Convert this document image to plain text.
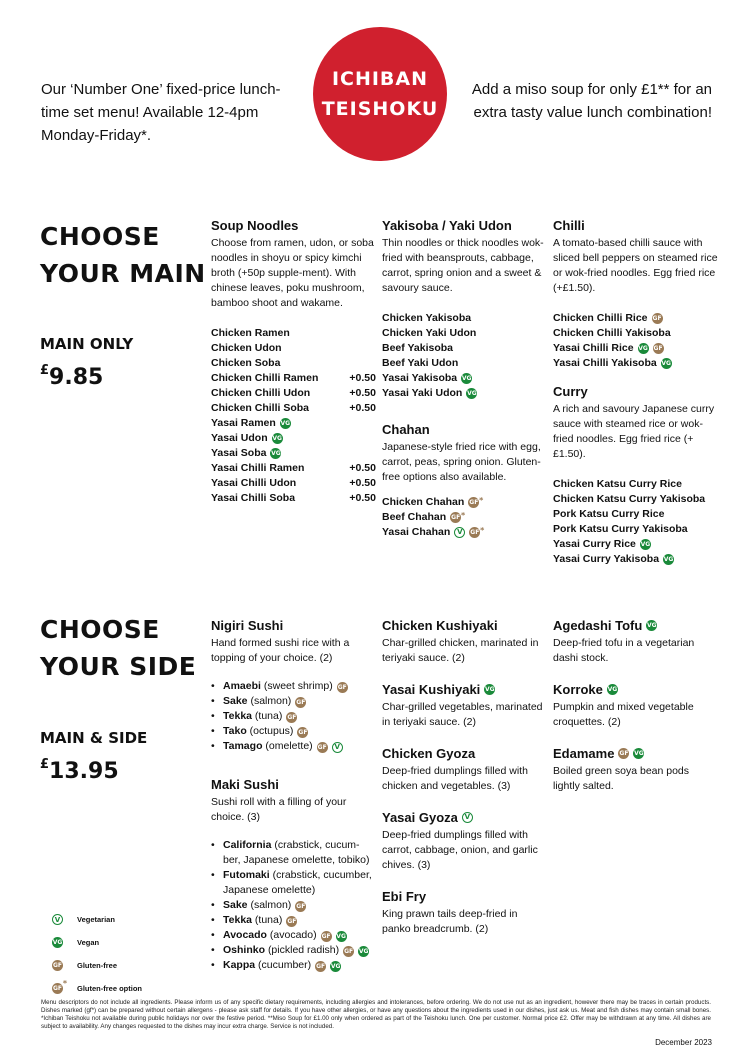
Our ‘Number One’ fixed-price lunch-time set menu! Available 12-4pm Monday-Friday*.
ICHIBAN
TEISHOKU
Add a miso soup for only £1** for an extra tasty value lunch combination!
CHOOSE
YOUR MAIN
MAIN ONLY
£9.85
Soup Noodles
Choose from ramen, udon, or soba noodles in shoyu or spicy kimchi broth (+50p supple-ment). With chinese leaves, poku mushroom, bamboo shoot and wakame.
Chicken Ramen
Chicken Udon
Chicken Soba
Chicken Chilli Ramen	+0.50
Chicken Chilli Udon	+0.50
Chicken Chilli Soba	+0.50
Yasai Ramen VG
Yasai Udon VG
Yasai Soba VG
Yasai Chilli Ramen	+0.50
Yasai Chilli Udon	+0.50
Yasai Chilli Soba	+0.50
Yakisoba / Yaki Udon
Thin noodles or thick noodles wok-fried with beansprouts, cabbage, carrot, spring onion and a sweet & savoury sauce.
Chicken Yakisoba
Chicken Yaki Udon
Beef Yakisoba
Beef Yaki Udon
Yasai Yakisoba VG
Yasai Yaki Udon VG
Chahan
Japanese-style fried rice with egg, carrot, peas, spring onion. Gluten-free options also available.
Chicken Chahan GF *
Beef Chahan GF *
Yasai Chahan V	GF *
Chilli
A tomato-based chilli sauce with sliced bell peppers on steamed rice or wok-fried noodles. Egg fried rice (+£1.50).
Chicken Chilli Rice GF
Chicken Chilli Yakisoba
Yasai Chilli Rice VG GF
Yasai Chilli Yakisoba VG
Curry
A rich and savoury Japanese curry sauce with steamed rice or wok-fried noodles. Egg fried rice (+£1.50).
Chicken Katsu Curry Rice
Chicken Katsu Curry Yakisoba
Pork Katsu Curry Rice
Pork Katsu Curry Yakisoba
Yasai Curry Rice VG
Yasai Curry Yakisoba VG
CHOOSE
YOUR SIDE
MAIN & SIDE
£13.95
Nigiri Sushi
Hand formed sushi rice with a topping of your choice. (2)
• Amaebi (sweet shrimp) GF
• Sake (salmon) GF
• Tekka (tuna) GF
• Tako (octupus) GF
• Tamago (omelette) GF V
Maki Sushi
Sushi roll with a filling of your choice. (3)
• California (crabstick, cucum-ber, Japanese omelette, tobiko)
• Futomaki (crabstick, cucumber, Japanese omelette)
• Sake (salmon) GF
• Tekka (tuna) GF
• Avocado (avocado) GF VG
• Oshinko (pickled radish) GF VG
• Kappa (cucumber) GF VG
Chicken Kushiyaki
Char-grilled chicken, marinated in teriyaki sauce. (2)
Yasai Kushiyaki VG
Char-grilled vegetables, marinated in teriyaki sauce. (2)
Chicken Gyoza
Deep-fried dumplings filled with chicken and vegetables. (3)
Yasai Gyoza V
Deep-fried dumplings filled with carrot, cabbage, onion, and garlic chives. (3)
Ebi Fry
King prawn tails deep-fried in panko breadcrumb. (2)
Agedashi Tofu VG
Deep-fried tofu in a vegetarian dashi stock.
Korroke VG
Pumpkin and mixed vegetable croquettes. (2)
Edamame GF VG
Boiled green soya bean pods lightly salted.
V	Vegetarian
VG Vegan
GF Gluten-free
GF * Gluten-free option
Menu descriptors do not include all ingredients. Please inform us of any specific dietary requirements, including allergies and intolerances, before ordering. We do not use nut as an ingredient, however there may be traces in certain products. Dishes marked (gf*) can be prepared without certain allergens - please ask staff for details. If you have other allergies, or have any questions about the ingredients used in our dishes, just ask us. Meat and fish dishes may contain small bones. *Ichiban Teishoku not available during public holidays nor over the festive period. **Miso Soup for £1.00 only when ordered as part of the Teishoku lunch. One per customer. Normal price £2. Offer may be withdrawn at any time. All dishes are subject to availability. Any changes requested to the dishes may incur extra charge. Service is not included.
December 2023
